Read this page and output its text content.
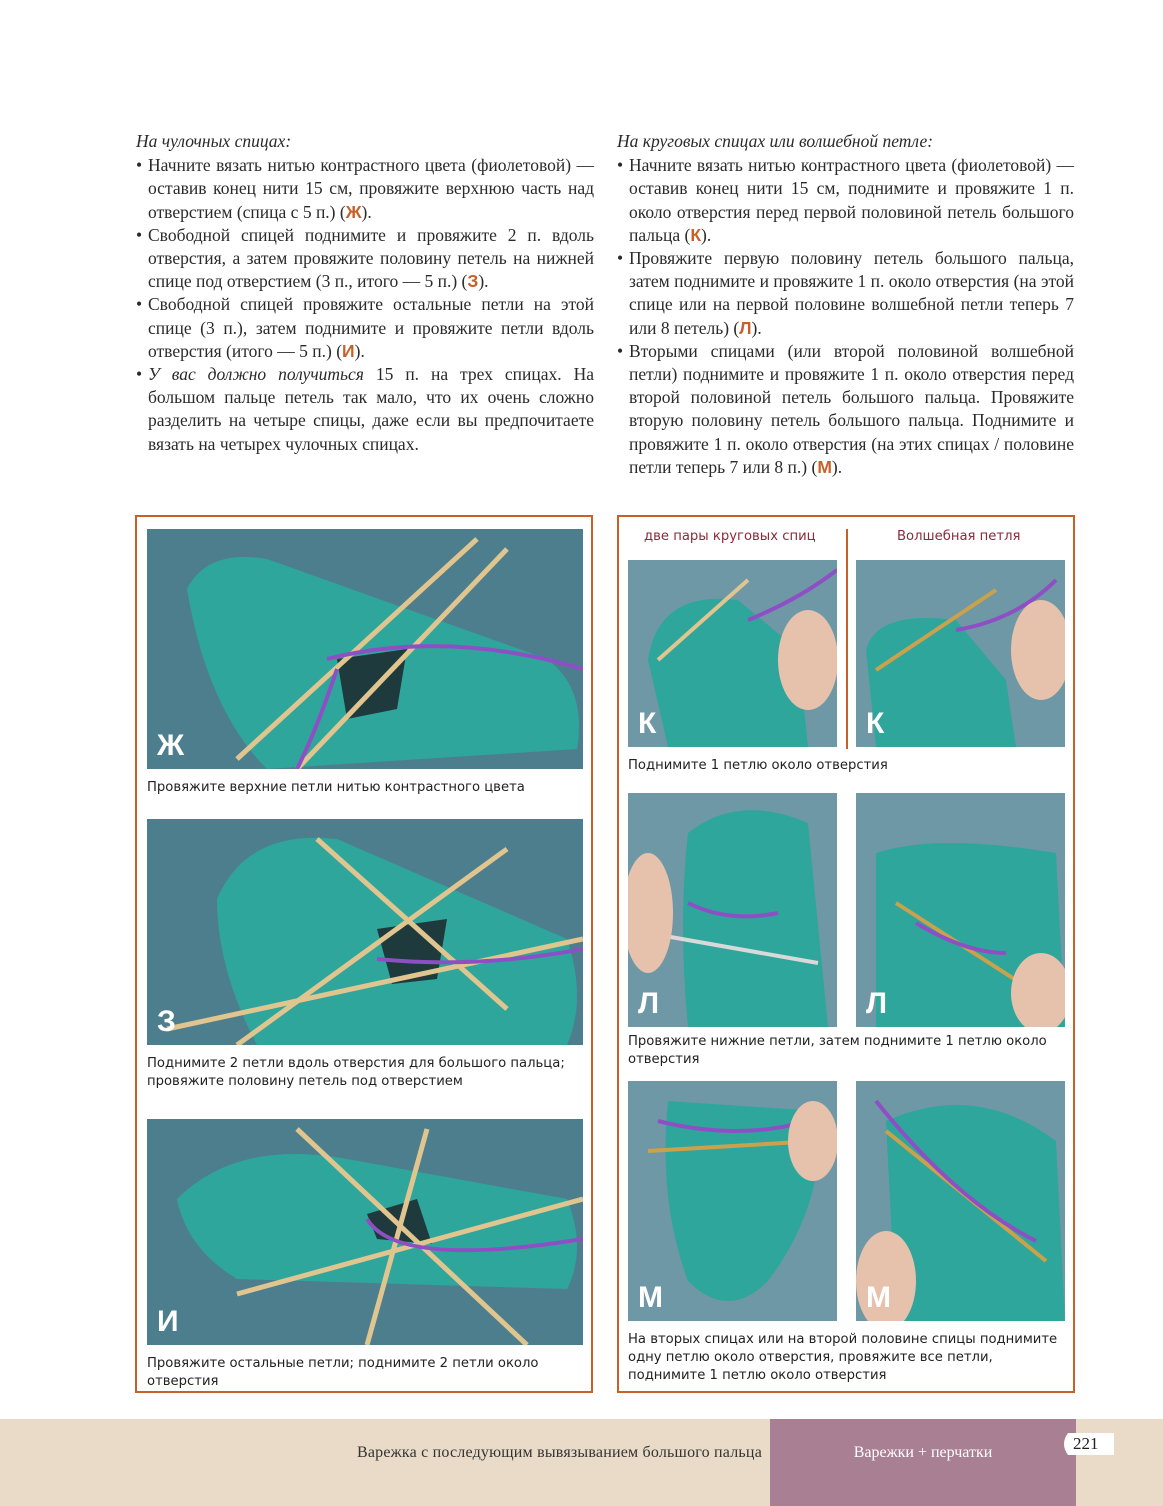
На чулочных спицах:
• Начните вязать нитью контрастного цвета (фиолетовой) — оставив конец нити 15 см, провяжите верхнюю часть над отверстием (спица с 5 п.) (Ж).
• Свободной спицей поднимите и провяжите 2 п. вдоль отверстия, а затем провяжите половину петель на нижней спице под отверстием (3 п., итого — 5 п.) (З).
• Свободной спицей провяжите остальные петли на этой спице (3 п.), затем поднимите и провяжите петли вдоль отверстия (итого — 5 п.) (И).
• У вас должно получиться 15 п. на трех спицах. На большом пальце петель так мало, что их очень сложно разделить на четыре спицы, даже если вы предпочитаете вязать на четырех чулочных спицах.
На круговых спицах или волшебной петле:
• Начните вязать нитью контрастного цвета (фиолетовой) — оставив конец нити 15 см, поднимите и провяжите 1 п. около отверстия перед первой половиной петель большого пальца (К).
• Провяжите первую половину петель большого пальца, затем поднимите и провяжите 1 п. около отверстия (на этой спице или на первой половине волшебной петли теперь 7 или 8 петель) (Л).
• Вторыми спицами (или второй половиной волшебной петли) поднимите и провяжите 1 п. около отверстия перед второй половиной петель большого пальца. Провяжите вторую половину петель большого пальца. Поднимите и провяжите 1 п. около отверстия (на этих спицах / половине петли теперь 7 или 8 п.) (М).
Ж
Провяжите верхние петли нитью контрастного цвета
З
Поднимите 2 петли вдоль отверстия для большого пальца; провяжите половину петель под отверстием
И
Провяжите остальные петли; поднимите 2 петли около отверстия
две пары круговых спиц	Волшебная петля
К	К
Поднимите 1 петлю около отверстия
Л	Л
Провяжите нижние петли, затем поднимите 1 петлю около отверстия
М	М
На вторых спицах или на второй половине спицы поднимите одну петлю около отверстия, провяжите все петли, поднимите 1 петлю около отверстия
Варежка с последующим вывязыванием большого пальца	Варежки + перчатки	221
